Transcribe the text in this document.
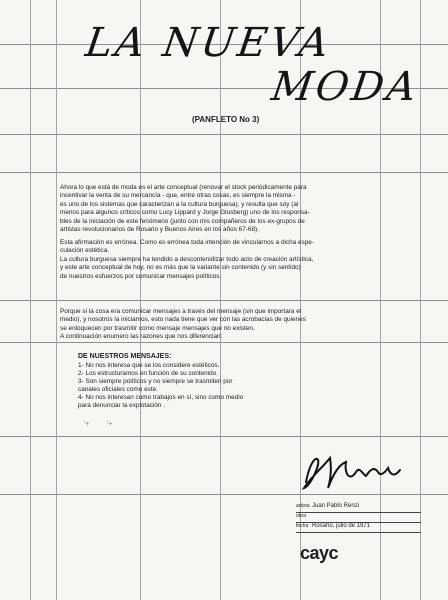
LA NUEVA
MODA
(PANFLETO No 3)

Ahora lo que está de moda es el arte conceptual (renovar el stock periódicamente para
incentivar la venta de su mercancía - que, entre otras cosas, es siempre la misma -
es uno de los sistemas que caracterizan a la cultura burguesa), y resulta que soy (al
menos para algunos críticos como Lucy Lippard y Jorge Glusberg) uno de los responsa-
bles de la iniciación de este fenómeno (junto con mis compañeros de los ex-grupos de
artistas revolucionarios de Rosario y Buenos Aires en los años 67-68).

Esta afirmación es errónea. Como es errónea toda intención de vincularnos a dicha espe-
culación estética.
La cultura burguesa siempre ha tendido a descontenidizar todo acto de creación artística,
y este arte conceptual de hoy, no es más que la variante sin contenido (y sin sentido)
de nuestros esfuerzos por comunicar mensajes políticos.

Porque si la cosa era comunicar mensajes a través del mensaje (sin que importara el
medio), y nosotros la iniciamos, esto nada tiene que ver con las acrobacias de quienes
se enloquecen por trasmitir como mensaje mensajes que no existen.
A continuación enumero las razones que nos diferencian:

DE NUESTROS MENSAJES:
1- No nos interesa que se los considere estéticos.
2- Los estructuramos en función de su contenido.
3- Son siempre políticos y no siempre se trasmiten por
canales oficiales como este.
4- No nos interesan como trabajos en sí, sino como medio
para denunciar la explotación .
'+         '+
artista Juan Pablo Renzi
obra
fecha Rosario, julio de 1971
cayc
